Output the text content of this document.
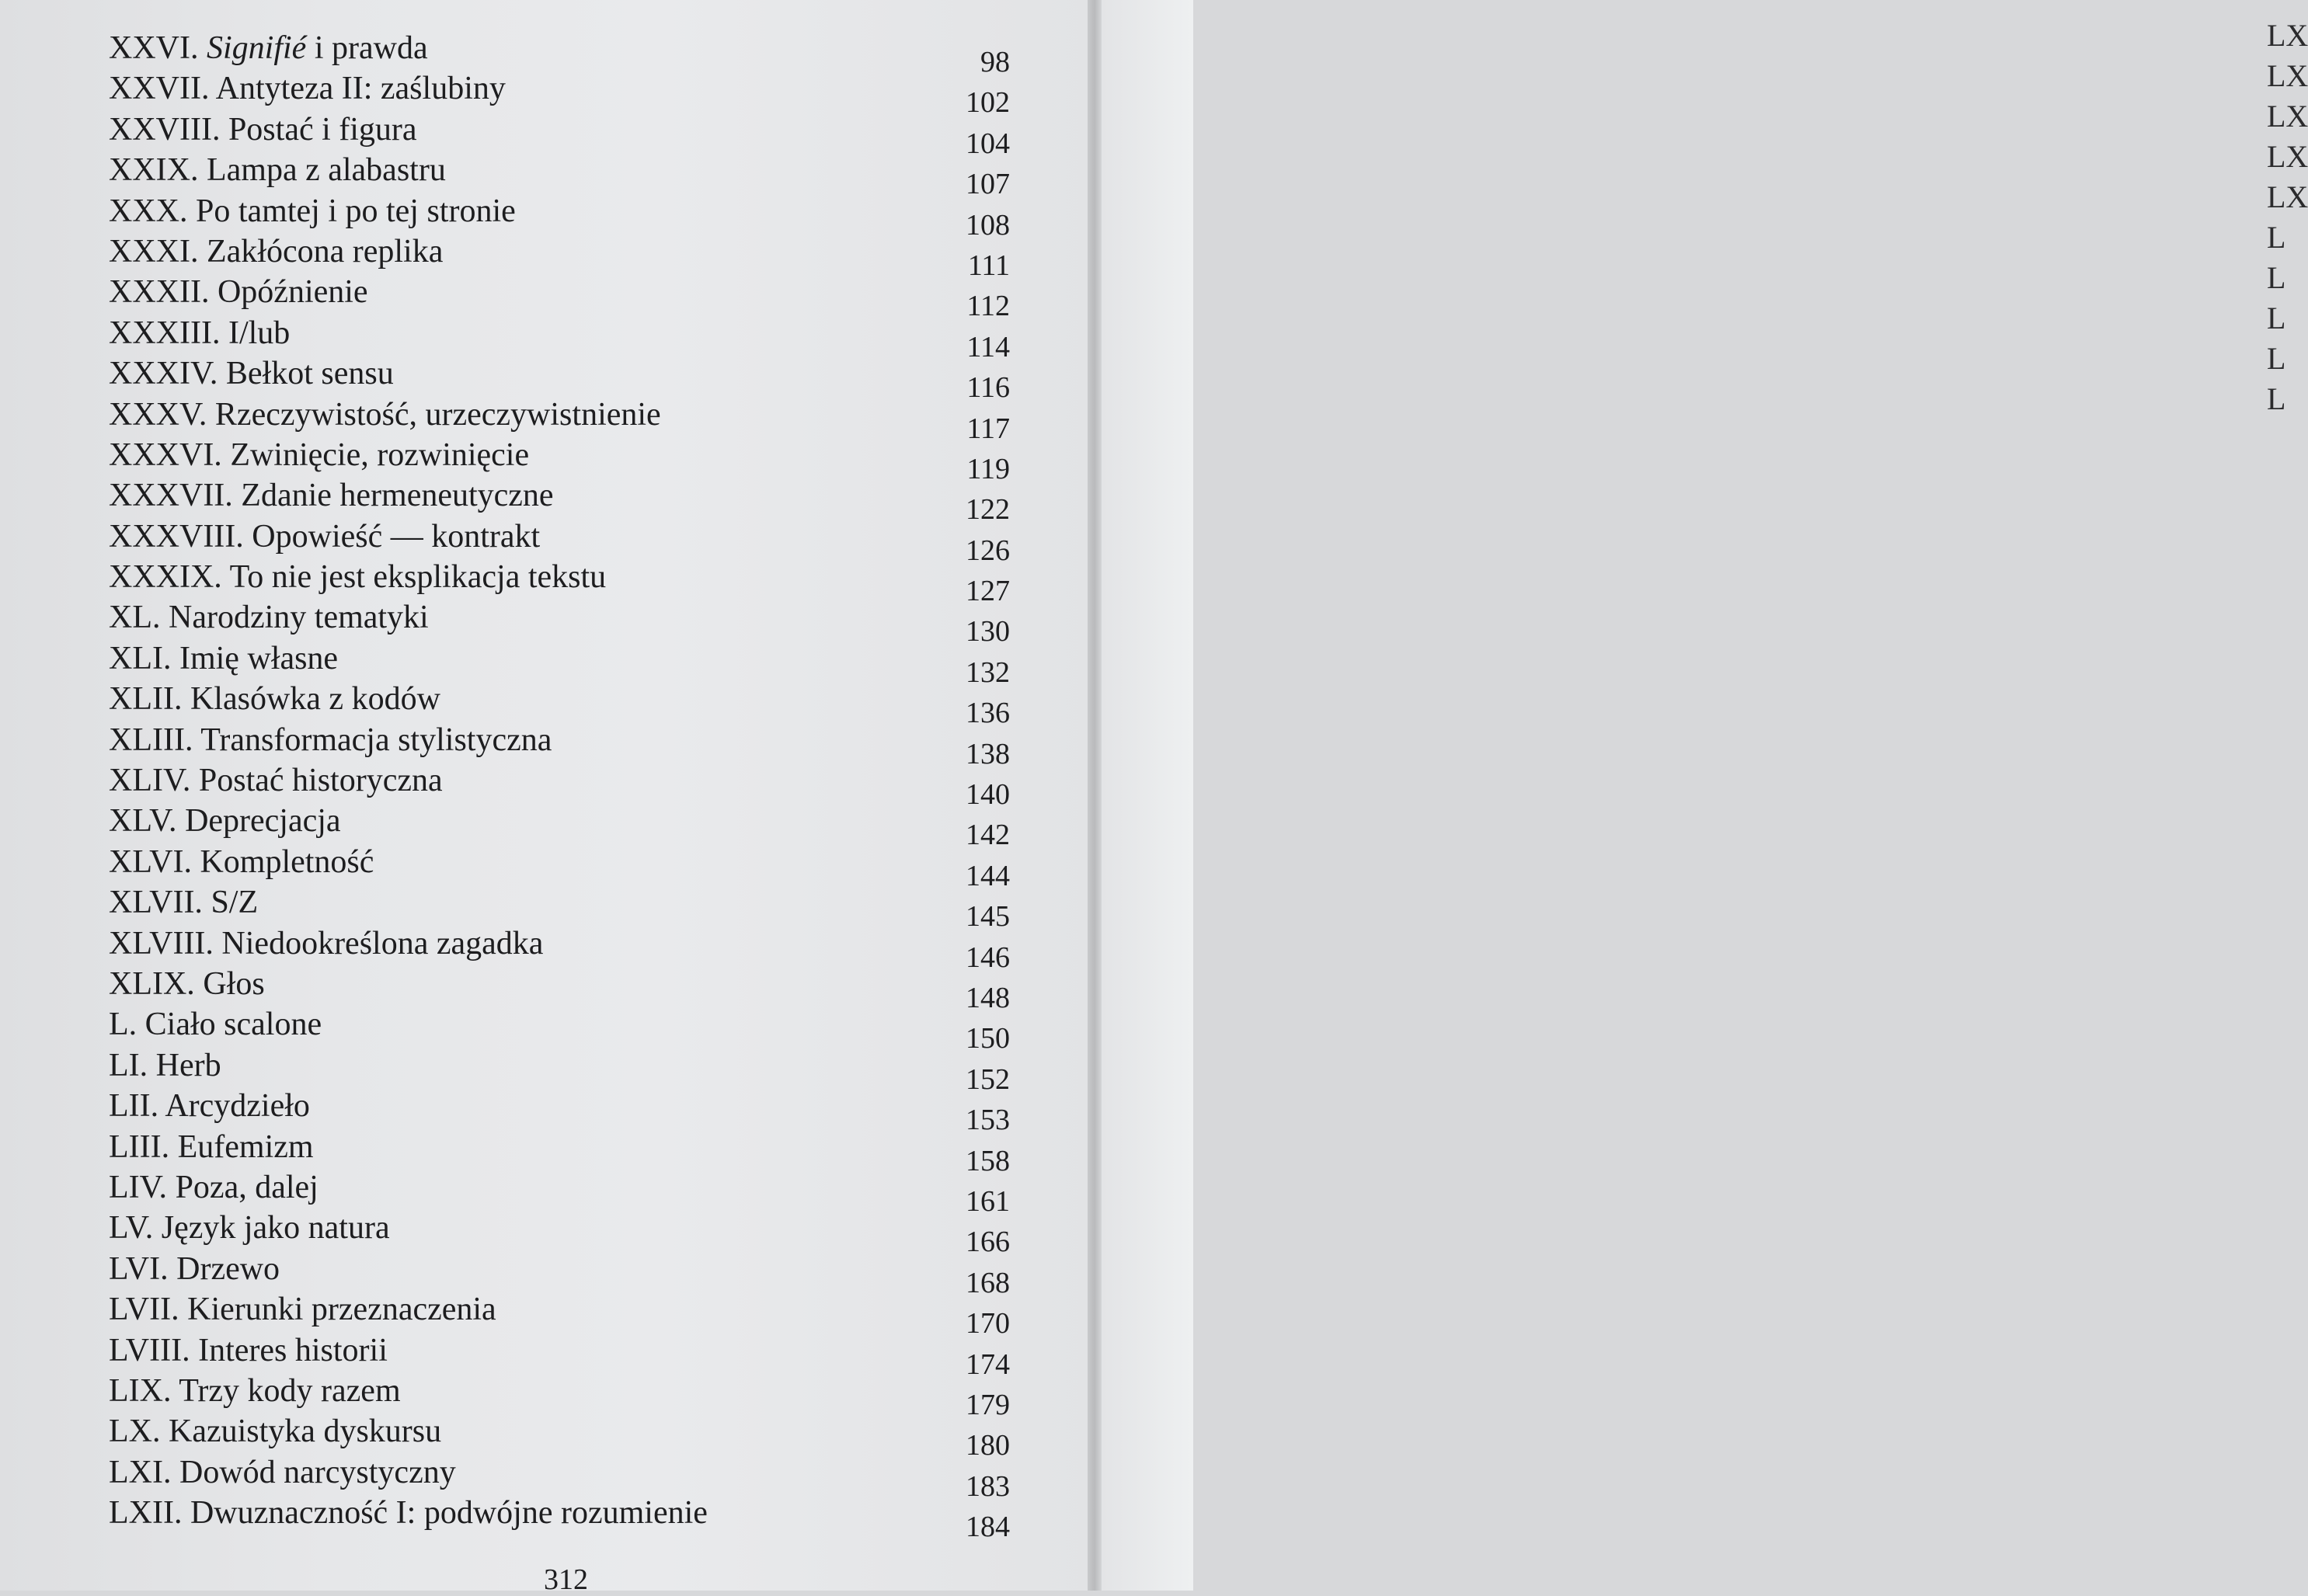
XXVI. Signifié i prawda	98
XXVII. Antyteza II: zaślubiny	102
XXVIII. Postać i figura	104
XXIX. Lampa z alabastru	107
XXX. Po tamtej i po tej stronie	108
XXXI. Zakłócona replika	111
XXXII. Opóźnienie	112
XXXIII. I/lub	114
XXXIV. Bełkot sensu	116
XXXV. Rzeczywistość, urzeczywistnienie	117
XXXVI. Zwinięcie, rozwinięcie	119
XXXVII. Zdanie hermeneutyczne	122
XXXVIII. Opowieść — kontrakt	126
XXXIX. To nie jest eksplikacja tekstu	127
XL. Narodziny tematyki	130
XLI. Imię własne	132
XLII. Klasówka z kodów	136
XLIII. Transformacja stylistyczna	138
XLIV. Postać historyczna	140
XLV. Deprecjacja	142
XLVI. Kompletność	144
XLVII. S/Z	145
XLVIII. Niedookreślona zagadka	146
XLIX. Głos	148
L. Ciało scalone	150
LI. Herb	152
LII. Arcydzieło	153
LIII. Eufemizm	158
LIV. Poza, dalej	161
LV. Język jako natura	166
LVI. Drzewo	168
LVII. Kierunki przeznaczenia	170
LVIII. Interes historii	174
LIX. Trzy kody razem	179
LX. Kazuistyka dyskursu	180
LXI. Dowód narcystyczny	183
LXII. Dwuznaczność I: podwójne rozumienie	184
312
LX
LX
LX
LX
LX
L
L
L
L
L
